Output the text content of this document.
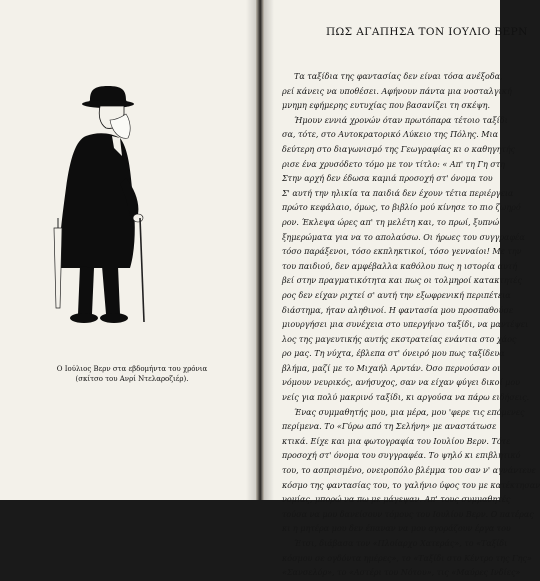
Ο Ιούλιος Βερν στα εβδομήντα του χρόνια
(σκίτσο του Ανρί Ντελαροζιέρ).
ΠΩΣ ΑΓΑΠΗΣΑ ΤΟΝ ΙΟΥΛΙΟ ΒΕΡΝ
Τα ταξίδια της φαντασίας δεν είναι τόσα ανέξοδα,
ρεί κάνεις να υποθέσει. Αφήνουν πάντα μια νοσταλγική
μνημη εφήμερης ευτυχίας που βασανίζει τη σκέψη.
Ήμουν εννιά χρονών όταν πρωτόπαρα τέτοιο ταξίδι
σα, τότε, στο Αυτοκρατορικό Λύκειο της Πόλης. Μια
δεύτερη στο διαγωνισμό της Γεωγραφίας κι ο καθηγητής
ρισε ένα χρυσόδετο τόμο με τον τίτλο: « Απ' τη Γη στη
Στην αρχή δεν έδωσα καμιά προσοχή στ' όνομα του
Σ' αυτή την ηλικία τα παιδιά δεν έχουν τέτια περιέργεια
πρώτο κεφάλαιο, όμως, το βιβλίο μού κίνησε το πιο ζωηρό
ρον. Έκλεψα ώρες απ' τη μελέτη και, το πρωί, ξυπνώ
ξημερώματα για να το απολαύσω. Οι ήρωες του συγγραφέα
τόσο παράξενοι, τόσο εκπληκτικοί, τόσο γενναίοι! Με την
του παιδιού, δεν αμφέβαλλα καθόλου πως η ιστορία αυτή
βεί στην πραγματικότητα και πως οι τολμηροί κατακτητές
ρος δεν είχαν ριχτεί σ' αυτή την εξωφρενική περιπέτεια
διάστημα, ήταν αληθινοί. Η φαντασία μου προσπαθούσε
μιουργήσει μια συνέχεια στο υπεργήινο ταξίδι, να μαντέψει
λος της μαγευτικής αυτής εκστρατείας ενάντια στο χάος
ρο μας. Τη νύχτα, έβλεπα στ' όνειρό μου πως ταξίδευα
βλήμα, μαζί με το Μιχαήλ Αρντάν. Όσο περνούσαν οι
νόμουν νευρικός, ανήσυχος, σαν να είχαν φύγει δικοί μου
νείς για πολύ μακρινό ταξίδι, κι αργούσα να πάρω ειδήσεις.
Ένας συμμαθητής μου, μια μέρα, μου 'φερε τις επόμενες
περίμενα. Το «Γύρω από τη Σελήνη» με αναστάτωσε
κτικά. Είχε και μια φωτογραφία του Ιουλίου Βερν. Τότε
προσοχή στ' όνομα του συγγραφέα. Το ψηλό κι επιβλητικό
του, το ασπρισμένο, ονειροπόλο βλέμμα του σαν ν' αγνάντευε
κόσμο της φαντασίας του, το γαλήνιο ύφος του με κατέκτησαν
νομίας, μπορώ να πω με μάγεψαν. Απ' τους συμμαθητές
τούσα να μου δανείσουν τόμους του Ιουλίου Βερν. Ο πατέρας
κι η μητέρα μου δεν έπαναν να μου αγοράζουν έργα του
Έτσι, διάβασα τον «Πλοίαρχο Χατεράς», το «Ταξίδι
κόσμου σε ογδόντα ημέρες», το «Ταξίδι στο Κέντρο της Γης»
«Σανσελόρ», το «Αστέρι του Νότου», τις «Μαύρες Ινδίες»
